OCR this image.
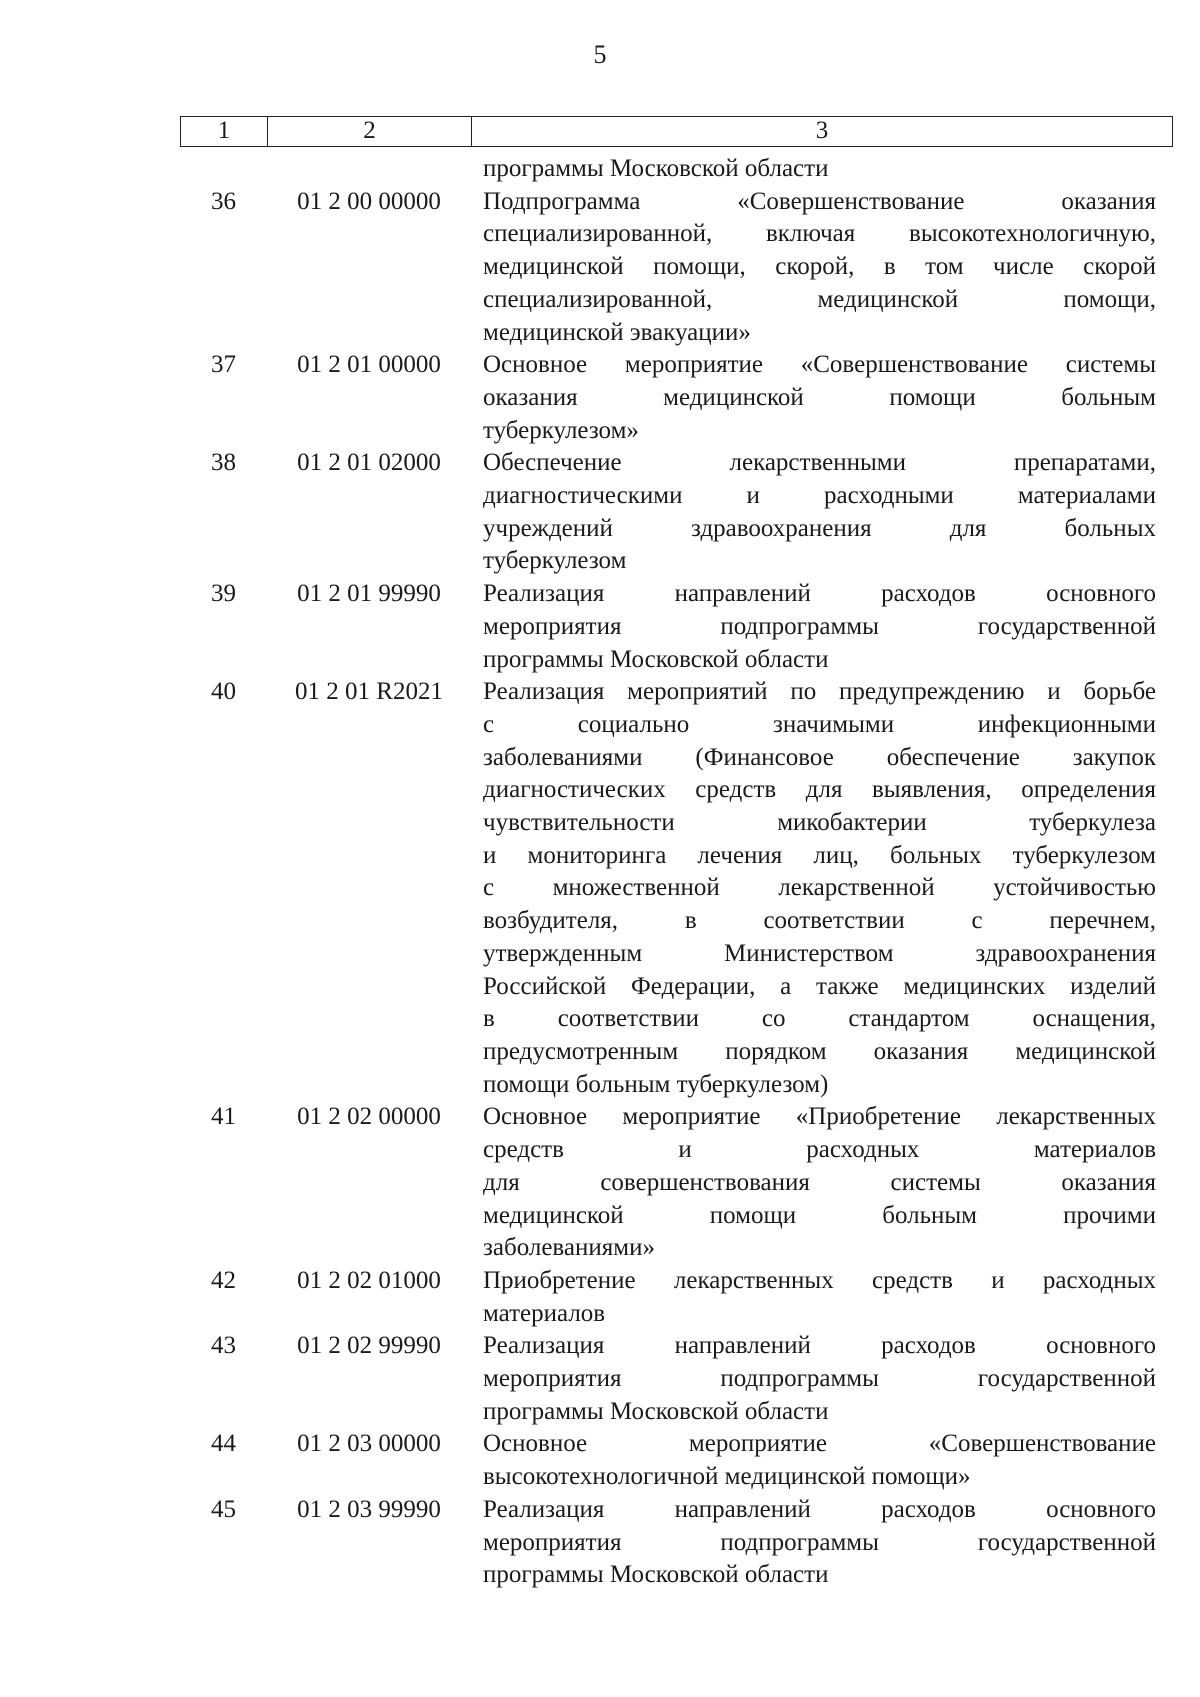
5
1	2	3
программы Московской области
36	01 2 00 00000	Подпрограмма «Совершенствование оказания
специализированной, включая высокотехнологичную,
медицинской помощи, скорой, в том числе скорой
специализированной, медицинской помощи,
медицинской эвакуации»
37	01 2 01 00000	Основное мероприятие «Совершенствование системы
оказания медицинской помощи больным
туберкулезом»
38	01 2 01 02000	Обеспечение лекарственными препаратами,
диагностическими и расходными материалами
учреждений здравоохранения для больных
туберкулезом
39	01 2 01 99990	Реализация направлений расходов основного
мероприятия подпрограммы государственной
программы Московской области
40	01 2 01 R2021	Реализация мероприятий по предупреждению и борьбе
с социально значимыми инфекционными
заболеваниями (Финансовое обеспечение закупок
диагностических средств для выявления, определения
чувствительности микобактерии туберкулеза
и мониторинга лечения лиц, больных туберкулезом
с множественной лекарственной устойчивостью
возбудителя, в соответствии с перечнем,
утвержденным Министерством здравоохранения
Российской Федерации, а также медицинских изделий
в соответствии со стандартом оснащения,
предусмотренным порядком оказания медицинской
помощи больным туберкулезом)
41	01 2 02 00000	Основное мероприятие «Приобретение лекарственных
средств и расходных материалов
для совершенствования системы оказания
медицинской помощи больным прочими
заболеваниями»
42	01 2 02 01000	Приобретение лекарственных средств и расходных
материалов
43	01 2 02 99990	Реализация направлений расходов основного
мероприятия подпрограммы государственной
программы Московской области
44	01 2 03 00000	Основное мероприятие «Совершенствование
высокотехнологичной медицинской помощи»
45	01 2 03 99990	Реализация направлений расходов основного
мероприятия подпрограммы государственной
программы Московской области
